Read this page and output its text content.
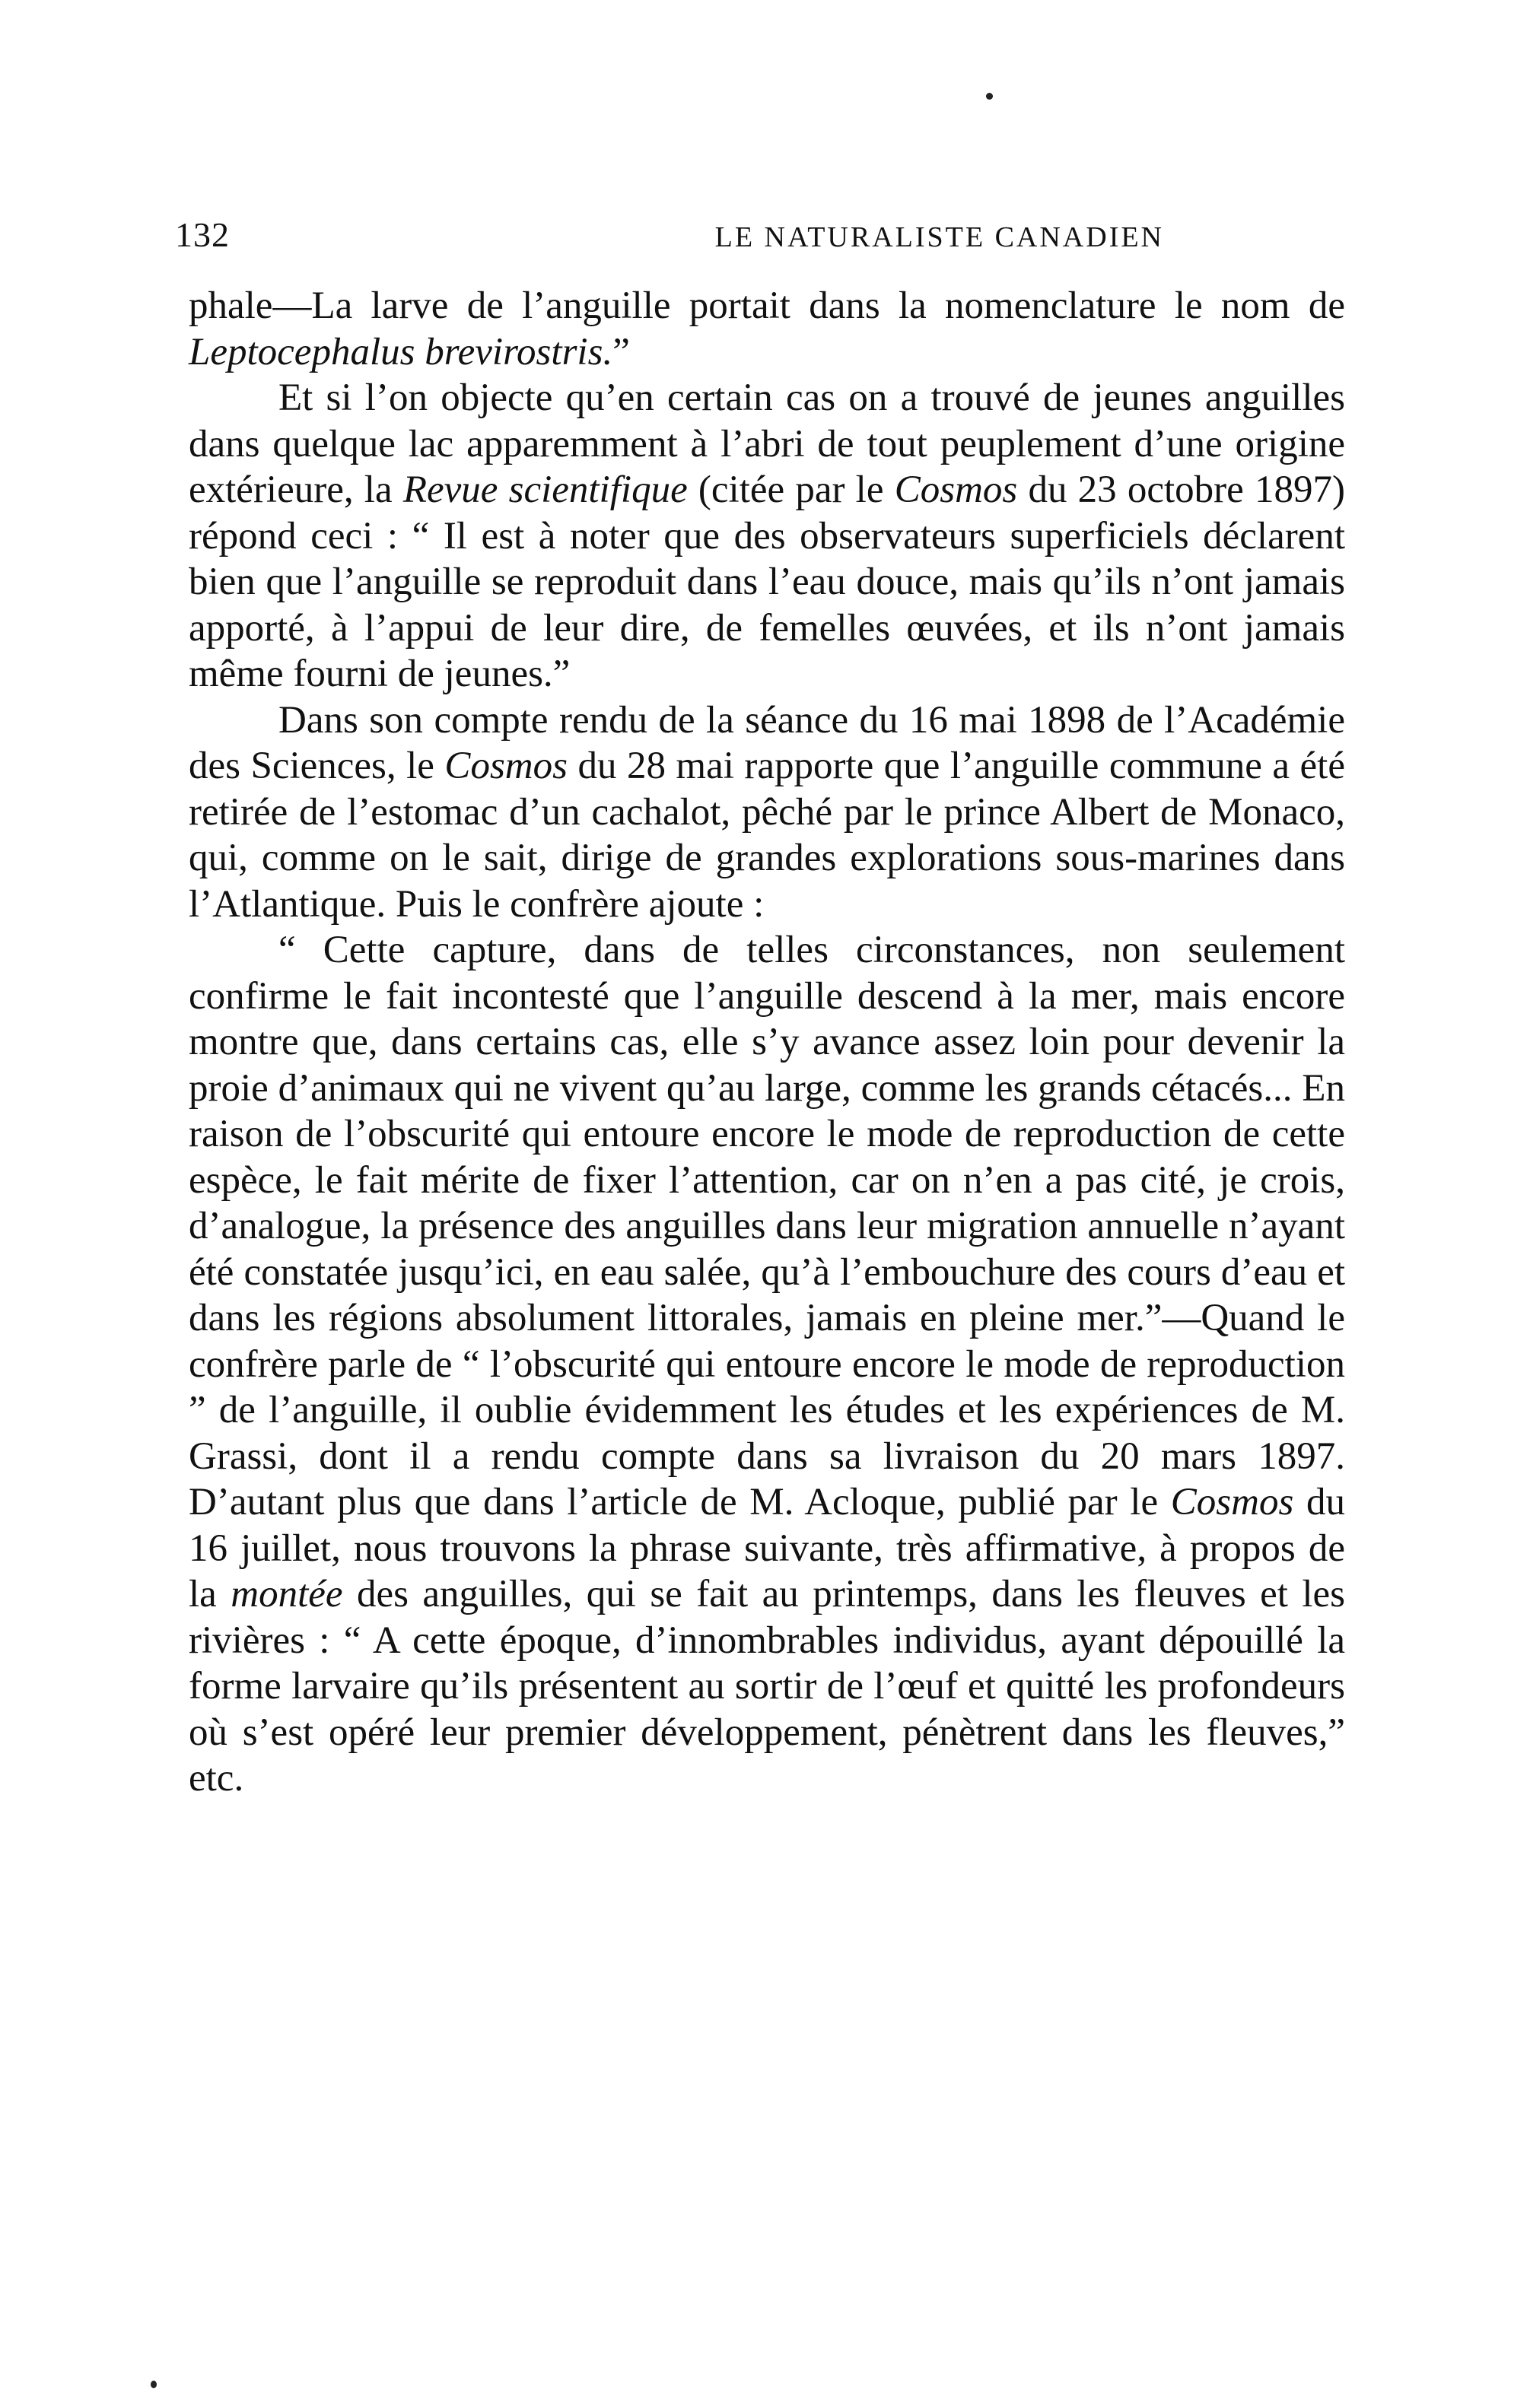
132	LE NATURALISTE CANADIEN

phale—La larve de l’anguille portait dans la nomenclature le nom de Leptocephalus brevirostris.”

Et si l’on objecte qu’en certain cas on a trouvé de jeunes anguilles dans quelque lac apparemment à l’abri de tout peuplement d’une origine extérieure, la Revue scientifique (citée par le Cosmos du 23 octobre 1897) répond ceci : “ Il est à noter que des observateurs superficiels déclarent bien que l’anguille se reproduit dans l’eau douce, mais qu’ils n’ont jamais apporté, à l’appui de leur dire, de femelles œuvées, et ils n’ont jamais même fourni de jeunes.”

Dans son compte rendu de la séance du 16 mai 1898 de l’Académie des Sciences, le Cosmos du 28 mai rapporte que l’anguille commune a été retirée de l’estomac d’un cachalot, pêché par le prince Albert de Monaco, qui, comme on le sait, dirige de grandes explorations sous-marines dans l’Atlantique. Puis le confrère ajoute :

“ Cette capture, dans de telles circonstances, non seulement confirme le fait incontesté que l’anguille descend à la mer, mais encore montre que, dans certains cas, elle s’y avance assez loin pour devenir la proie d’animaux qui ne vivent qu’au large, comme les grands cétacés... En raison de l’obscurité qui entoure encore le mode de reproduction de cette espèce, le fait mérite de fixer l’attention, car on n’en a pas cité, je crois, d’analogue, la présence des anguilles dans leur migration annuelle n’ayant été constatée jusqu’ici, en eau salée, qu’à l’embouchure des cours d’eau et dans les régions absolument littorales, jamais en pleine mer.”—Quand le confrère parle de “ l’obscurité qui entoure encore le mode de reproduction ” de l’anguille, il oublie évidemment les études et les expériences de M. Grassi, dont il a rendu compte dans sa livraison du 20 mars 1897. D’autant plus que dans l’article de M. Acloque, publié par le Cosmos du 16 juillet, nous trouvons la phrase suivante, très affirmative, à propos de la montée des anguilles, qui se fait au printemps, dans les fleuves et les rivières : “ A cette époque, d’innombrables individus, ayant dépouillé la forme larvaire qu’ils présentent au sortir de l’œuf et quitté les profondeurs où s’est opéré leur premier développement, pénètrent dans les fleuves,” etc.
